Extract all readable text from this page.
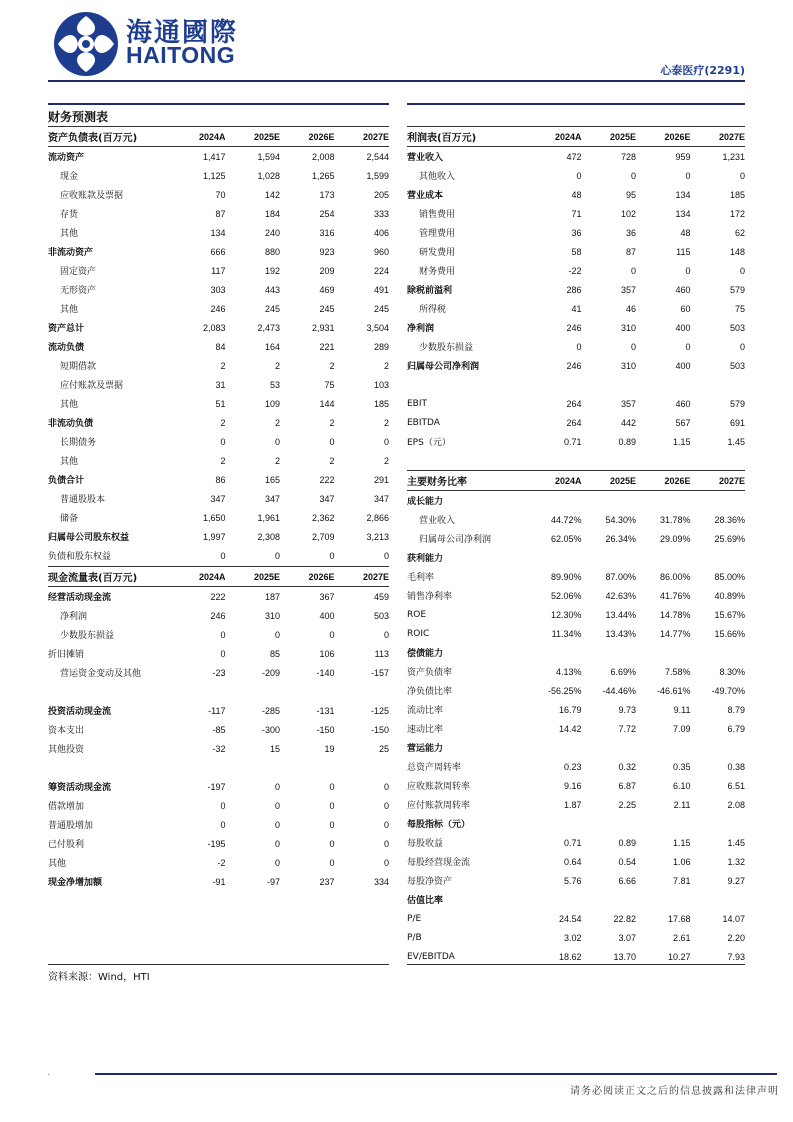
海通國際
HAITONG
心泰医疗(2291)
财务预测表
资产负债表(百万元)	2024A	2025E	2026E	2027E
流动资产	1,417	1,594	2,008	2,544
现金	1,125	1,028	1,265	1,599
应收账款及票据	70	142	173	205
存货	87	184	254	333
其他	134	240	316	406
非流动资产	666	880	923	960
固定资产	117	192	209	224
无形资产	303	443	469	491
其他	246	245	245	245
资产总计	2,083	2,473	2,931	3,504
流动负债	84	164	221	289
短期借款	2	2	2	2
应付账款及票据	31	53	75	103
其他	51	109	144	185
非流动负债	2	2	2	2
长期债务	0	0	0	0
其他	2	2	2	2
负债合计	86	165	222	291
普通股股本	347	347	347	347
储备	1,650	1,961	2,362	2,866
归属母公司股东权益	1,997	2,308	2,709	3,213
负债和股东权益	0	0	0	0
现金流量表(百万元)	2024A	2025E	2026E	2027E
经营活动现金流	222	187	367	459
净利润	246	310	400	503
少数股东损益	0	0	0	0
折旧摊销	0	85	106	113
营运资金变动及其他	-23	-209	-140	-157

投资活动现金流	-117	-285	-131	-125
资本支出	-85	-300	-150	-150
其他投资	-32	15	19	25

筹资活动现金流	-197	0	0	0
借款增加	0	0	0	0
普通股增加	0	0	0	0
已付股利	-195	0	0	0
其他	-2	0	0	0
现金净增加额	-91	-97	237	334
利润表(百万元)	2024A	2025E	2026E	2027E
营业收入	472	728	959	1,231
其他收入	0	0	0	0
营业成本	48	95	134	185
销售费用	71	102	134	172
管理费用	36	36	48	62
研发费用	58	87	115	148
财务费用	-22	0	0	0
除税前溢利	286	357	460	579
所得税	41	46	60	75
净利润	246	310	400	503
少数股东损益	0	0	0	0
归属母公司净利润	246	310	400	503

EBIT	264	357	460	579
EBITDA	264	442	567	691
EPS（元）	0.71	0.89	1.15	1.45
主要财务比率	2024A	2025E	2026E	2027E
成长能力				
营业收入	44.72%	54.30%	31.78%	28.36%
归属母公司净利润	62.05%	26.34%	29.09%	25.69%
获利能力				
毛利率	89.90%	87.00%	86.00%	85.00%
销售净利率	52.06%	42.63%	41.76%	40.89%
ROE	12.30%	13.44%	14.78%	15.67%
ROIC	11.34%	13.43%	14.77%	15.66%
偿债能力				
资产负债率	4.13%	6.69%	7.58%	8.30%
净负债比率	-56.25%	-44.46%	-46.61%	-49.70%
流动比率	16.79	9.73	9.11	8.79
速动比率	14.42	7.72	7.09	6.79
营运能力				
总资产周转率	0.23	0.32	0.35	0.38
应收账款周转率	9.16	6.87	6.10	6.51
应付账款周转率	1.87	2.25	2.11	2.08
每股指标（元）				
每股收益	0.71	0.89	1.15	1.45
每股经营现金流	0.64	0.54	1.06	1.32
每股净资产	5.76	6.66	7.81	9.27
估值比率				
P/E	24.54	22.82	17.68	14.07
P/B	3.02	3.07	2.61	2.20
EV/EBITDA	18.62	13.70	10.27	7.93
资料来源：Wind，HTI
请务必阅读正文之后的信息披露和法律声明
